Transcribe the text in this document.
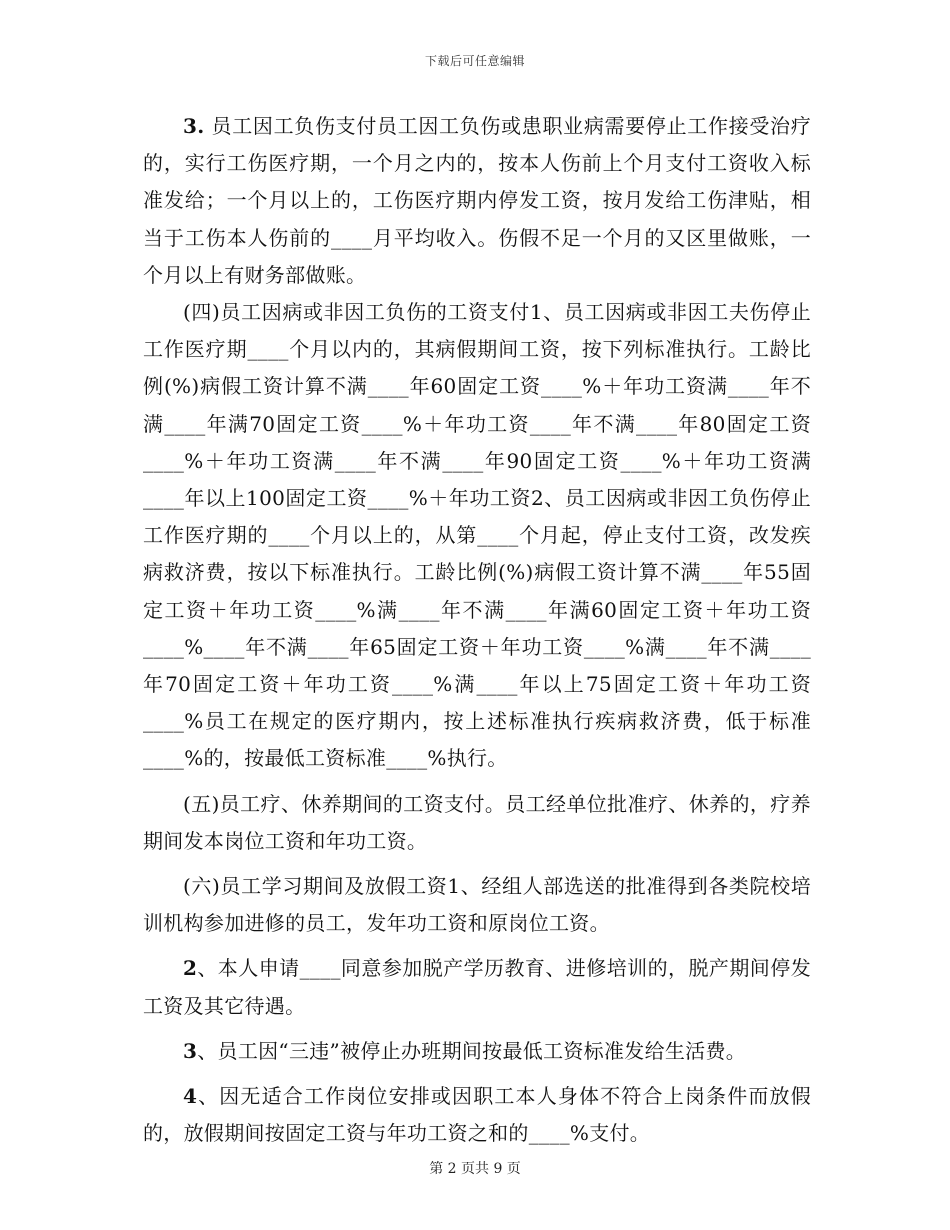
下载后可任意编辑

3. 员工因工负伤支付员工因工负伤或患职业病需要停止工作接受治疗的，实行工伤医疗期，一个月之内的，按本人伤前上个月支付工资收入标准发给；一个月以上的，工伤医疗期内停发工资，按月发给工伤津贴，相当于工伤本人伤前的____月平均收入。伤假不足一个月的又区里做账，一个月以上有财务部做账。

(四)员工因病或非因工负伤的工资支付1、员工因病或非因工夫伤停止工作医疗期____个月以内的，其病假期间工资，按下列标准执行。工龄比例(%)病假工资计算不满____年60固定工资____%＋年功工资满____年不满____年满70固定工资____%＋年功工资____年不满____年80固定工资____%＋年功工资满____年不满____年90固定工资____%＋年功工资满____年以上100固定工资____%＋年功工资2、员工因病或非因工负伤停止工作医疗期的____个月以上的，从第____个月起，停止支付工资，改发疾病救济费，按以下标准执行。工龄比例(%)病假工资计算不满____年55固定工资＋年功工资____%满____年不满____年满60固定工资＋年功工资____%____年不满____年65固定工资＋年功工资____%满____年不满____年70固定工资＋年功工资____%满____年以上75固定工资＋年功工资____%员工在规定的医疗期内，按上述标准执行疾病救济费，低于标准____%的，按最低工资标准____%执行。

(五)员工疗、休养期间的工资支付。员工经单位批准疗、休养的，疗养期间发本岗位工资和年功工资。

(六)员工学习期间及放假工资1、经组人部选送的批准得到各类院校培训机构参加进修的员工，发年功工资和原岗位工资。

2、本人申请____同意参加脱产学历教育、进修培训的，脱产期间停发工资及其它待遇。

3、员工因“三违”被停止办班期间按最低工资标准发给生活费。

4、因无适合工作岗位安排或因职工本人身体不符合上岗条件而放假的，放假期间按固定工资与年功工资之和的____%支付。

第 2 页共 9 页
